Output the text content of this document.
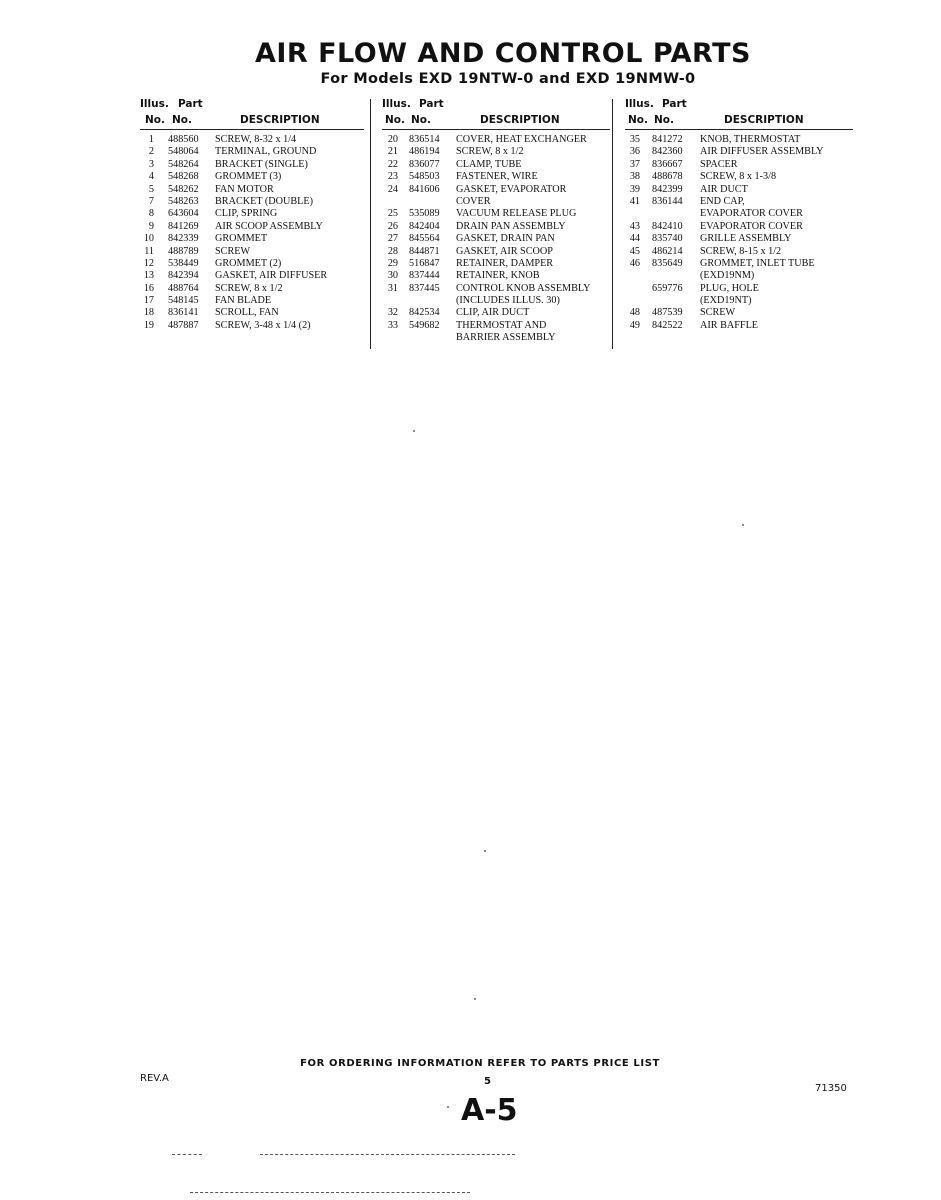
AIR FLOW AND CONTROL PARTS
For Models EXD 19NTW-0 and EXD 19NMW-0
Illus. Part
No. No.	DESCRIPTION
1 488560 SCREW, 8-32 x 1/4
2 548064 TERMINAL, GROUND
3 548264 BRACKET (SINGLE)
4 548268 GROMMET (3)
5 548262 FAN MOTOR
7 548263 BRACKET (DOUBLE)
8 643604 CLIP, SPRING
9 841269 AIR SCOOP ASSEMBLY
10 842339 GROMMET
11 488789 SCREW
12 538449 GROMMET (2)
13 842394 GASKET, AIR DIFFUSER
16 488764 SCREW, 8 x 1/2
17 548145 FAN BLADE
18 836141 SCROLL, FAN
19 487887 SCREW, 3-48 x 1/4 (2)
Illus. Part
No. No.	DESCRIPTION
20 836514 COVER, HEAT EXCHANGER
21 486194 SCREW, 8 x 1/2
22 836077 CLAMP, TUBE
23 548503 FASTENER, WIRE
24 841606 GASKET, EVAPORATOR
COVER
25 535089 VACUUM RELEASE PLUG
26 842404 DRAIN PAN ASSEMBLY
27 845564 GASKET, DRAIN PAN
28 844871 GASKET, AIR SCOOP
29 516847 RETAINER, DAMPER
30 837444 RETAINER, KNOB
31 837445 CONTROL KNOB ASSEMBLY
(INCLUDES ILLUS. 30)
32 842534 CLIP, AIR DUCT
33 549682 THERMOSTAT AND
BARRIER ASSEMBLY
Illus. Part
No. No.	DESCRIPTION
35 841272 KNOB, THERMOSTAT
36 842360 AIR DIFFUSER ASSEMBLY
37 836667 SPACER
38 488678 SCREW, 8 x 1-3/8
39 842399 AIR DUCT
41 836144 END CAP,
EVAPORATOR COVER
43 842410 EVAPORATOR COVER
44 835740 GRILLE ASSEMBLY
45 486214 SCREW, 8-15 x 1/2
46 835649 GROMMET, INLET TUBE
(EXD19NM)
659776 PLUG, HOLE
(EXD19NT)
48 487539 SCREW
49 842522 AIR BAFFLE
FOR ORDERING INFORMATION REFER TO PARTS PRICE LIST
REV.A	5
71350
A-5
